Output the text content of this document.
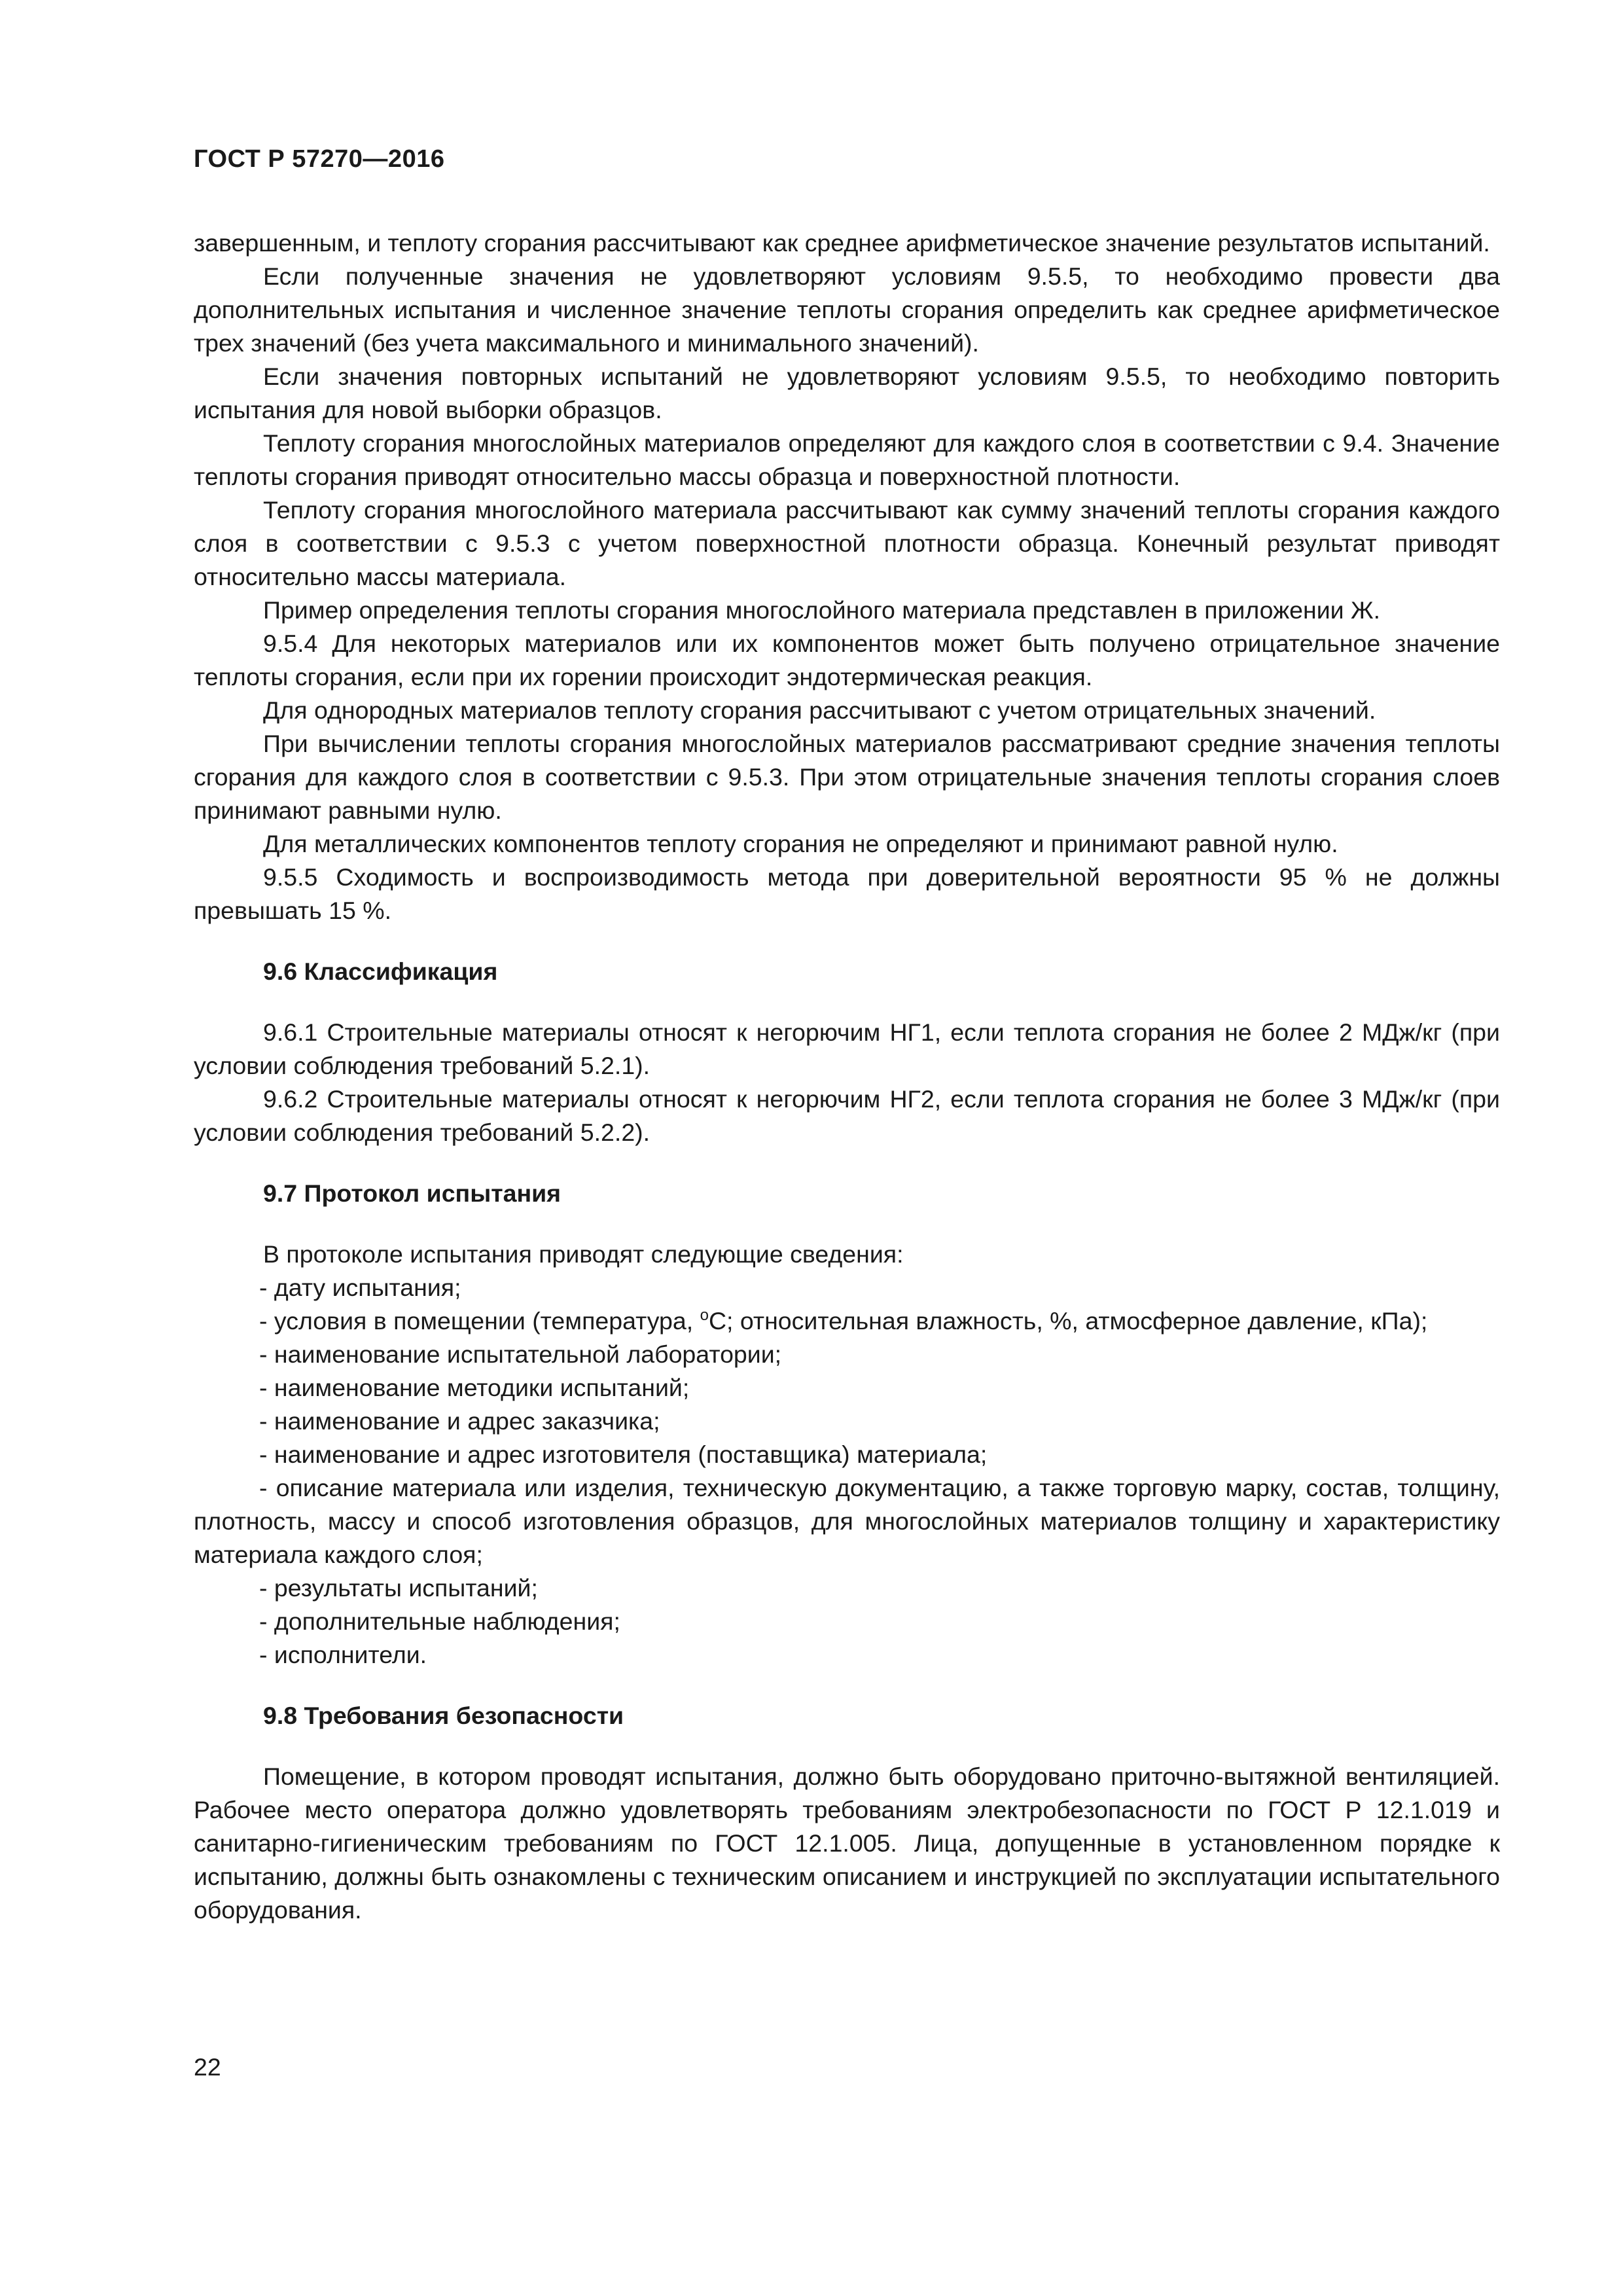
ГОСТ Р 57270—2016

завершенным, и теплоту сгорания рассчитывают как среднее арифметическое значение результатов испытаний.

Если полученные значения не удовлетворяют условиям 9.5.5, то необходимо провести два дополнительных испытания и численное значение теплоты сгорания определить как среднее арифметическое трех значений (без учета максимального и минимального значений).

Если значения повторных испытаний не удовлетворяют условиям 9.5.5, то необходимо повторить испытания для новой выборки образцов.

Теплоту сгорания многослойных материалов определяют для каждого слоя в соответствии с 9.4. Значение теплоты сгорания приводят относительно массы образца и поверхностной плотности.

Теплоту сгорания многослойного материала рассчитывают как сумму значений теплоты сгорания каждого слоя в соответствии с 9.5.3 с учетом поверхностной плотности образца. Конечный результат приводят относительно массы материала.

Пример определения теплоты сгорания многослойного материала представлен в приложении Ж.

9.5.4 Для некоторых материалов или их компонентов может быть получено отрицательное значение теплоты сгорания, если при их горении происходит эндотермическая реакция.

Для однородных материалов теплоту сгорания рассчитывают с учетом отрицательных значений.

При вычислении теплоты сгорания многослойных материалов рассматривают средние значения теплоты сгорания для каждого слоя в соответствии с 9.5.3. При этом отрицательные значения теплоты сгорания слоев принимают равными нулю.

Для металлических компонентов теплоту сгорания не определяют и принимают равной нулю.

9.5.5 Сходимость и воспроизводимость метода при доверительной вероятности 95 % не должны превышать 15 %.

9.6 Классификация

9.6.1 Строительные материалы относят к негорючим НГ1, если теплота сгорания не более 2 МДж/кг (при условии соблюдения требований 5.2.1).

9.6.2 Строительные материалы относят к негорючим НГ2, если теплота сгорания не более 3 МДж/кг (при условии соблюдения требований 5.2.2).

9.7 Протокол испытания

В протоколе испытания приводят следующие сведения:

- дату испытания;

- условия в помещении (температура, $^о$С; относительная влажность, %, атмосферное давление, кПа);

- наименование испытательной лаборатории;

- наименование методики испытаний;

- наименование и адрес заказчика;

- наименование и адрес изготовителя (поставщика) материала;

- описание материала или изделия, техническую документацию, а также торговую марку, состав, толщину, плотность, массу и способ изготовления образцов, для многослойных материалов толщину и характеристику материала каждого слоя;

- результаты испытаний;

- дополнительные наблюдения;

- исполнители.

9.8 Требования безопасности

Помещение, в котором проводят испытания, должно быть оборудовано приточно-вытяжной вентиляцией. Рабочее место оператора должно удовлетворять требованиям электробезопасности по ГОСТ Р 12.1.019 и санитарно-гигиеническим требованиям по ГОСТ 12.1.005. Лица, допущенные в установленном порядке к испытанию, должны быть ознакомлены с техническим описанием и инструкцией по эксплуатации испытательного оборудования.

22
